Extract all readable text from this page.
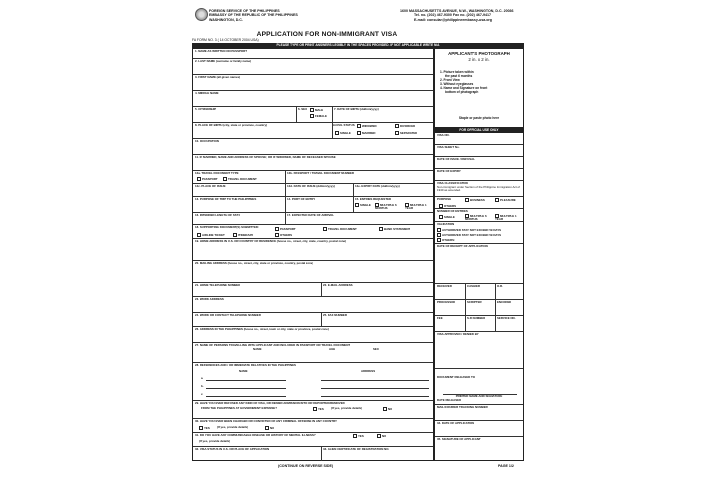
FOREIGN SERVICE OF THE PHILIPPINES
EMBASSY OF THE REPUBLIC OF THE PHILIPPINES
WASHINGTON, D.C.
1600 MASSACHUSETTS AVENUE, N.W., WASHINGTON, D.C. 20036
Tel. no. (202) 467-9300 Fax no. (202) 467-9417
E-mail: consular@philippineembassy-usa.org
APPLICATION FOR NON-IMMIGRANT VISA
FA FORM NO. 3 ( 14 OCTOBER 2004 USA)
PLEASE TYPE OR PRINT ANSWERS LEGIBLY IN THE SPACES PROVIDED. IF NOT APPLICABLE WRITE N/A
1. NAME AS WRITTEN ON PASSPORT
2. LAST NAME (surname or family name)
3. FIRST NAME (all given names)
4. MIDDLE NAME
5. CITIZENSHIP	6. SEX	MALE
FEMALE
7. DATE OF BIRTH (dd/mm/yyyy)
8. PLACE OF BIRTH (city, state or province, country)	9.CIVIL STATUS	WIDOWED	DIVORCED
SINGLE	MARRIED	SEPARATED
10. OCCUPATION
11. IF MARRIED, NAME AND ADDRESS OF SPOUSE; OR IF WIDOWED, NAME OF DECEASED SPOUSE
12a. TRAVEL DOCUMENT TYPE
PASSPORT	TRAVEL DOCUMENT
12b. PASSPORT / TRAVEL DOCUMENT NUMBER
12c. PLACE OF ISSUE	12d. DATE OF ISSUE (dd/mm/yyyy)	12e. EXPIRY DATE (dd/mm/yyyy)
13. PURPOSE OF TRIP TO THE PHILIPPINES	14. PORT OF ENTRY	15. ENTRIES REQUESTED
SINGLE	MULTIPLE 6 MONTHS
MULTIPLE 1 YEAR
16. INTENDED LENGTH OF STAY	17. EXPECTED DATE OF ARRIVAL
18. SUPPORTING DOCUMENT(S) SUBMITTED:	PASSPORT	TRAVEL DOCUMENT	BANK STATEMENT
AIRLINE TICKET	ITINERARY	OTHERS
19. HOME ADDRESS IN U.S. OR COUNTRY OF RESIDENCE (house no., street, city, state, country, postal zone)
20. MAILING ADDRESS (house no., street, city, state or province, country, postal zone)
21. HOME TELEPHONE NUMBER	22. E-MAIL ADDRESS
23. WORK ADDRESS
24. WORK OR CONTACT TELEPHONE NUMBER	25. FAX NUMBER
26. ADDRESS IN THE PHILIPPINES (house no., street, town or city, state or province, postal zone)
27. NAME OF PERSONS TRAVELLING WITH APPLICANT AND INCLUDED IN PASSPORT OR TRAVEL DOCUMENT
NAME	AGE	SEX
28. REFERENCES AND / OR IMMEDIATE RELATIVES IN THE PHILIPPINES
NAME	ADDRESS
a.
b.
c.
29. HAVE YOU EVER REFUSED ANY KIND OF VISA, OR DENIED ADMISSION INTO OR DEPORTED/REMOVED
FROM THE PHILIPPINES AT GOVERNMENT EXPENSE?	YES (If yes, provide details)	NO
30. HAVE YOU EVER BEEN CHARGED OR CONVICTED OF ANY CRIMINAL OFFENSE IN ANY COUNTRY
YES (If yes, provide details)	NO
31. DO YOU HAVE ANY COMMUNICABLE DISEASE OR HISTORY OF MENTAL ILLNESS?	YES	NO
(If yes, provide details)
32. VISA STATUS IN U.S. OR PLACE OF APPLICATION	33. ALIEN CERTIFICATE OF REGISTRATION NO.
APPLICANT'S PHOTOGRAPH
2 in. x 2 in.
1. Picture taken within
the past 6 months
2. Front View
3. Without eyeglasses
4. Name and Signature on front
bottom of photograph
Staple or paste photo here
FOR OFFICIAL USE ONLY
VISA NO.
VISA SHEET No.
DATE OF ISSUE / REFUSAL
DATE OF EXPIRY
VISA CLASSIFICATION
Non-immigrant under Section of the Philippine Immigration Act of 1940 as amended.
PURPOSE	BUSINESS	PLEASURE
OTHERS
NUMBER OF ENTRIES
SINGLE	MULTIPLE 6 MONTHS
MULTIPLE 1 YEAR
VALIDATION
AUTHORIZED STAY NOT EXCEED 59 DAYS
AUTHORIZED STAY NOT EXCEED 59 DAYS
OTHERS:
DATE OF RECEIPT OF APPLICATION
RECEIVER	CASHIER	O.R.
PROCESSOR	SCRIPTER	ENCODER
FEE	S.R NUMBER	SERVICE NO.
VISA APPROVED / DENIED BY
DOCUMENT RELEASED TO
PRINTED NAME AND SIGNATURE
DATE RELEASED
MAIL/COURIER TRACKING NUMBER
34. DATE OF APPLICATION
35. SIGNATURE OF APPLICANT
(CONTINUE ON REVERSE SIDE)	PAGE 1/2
